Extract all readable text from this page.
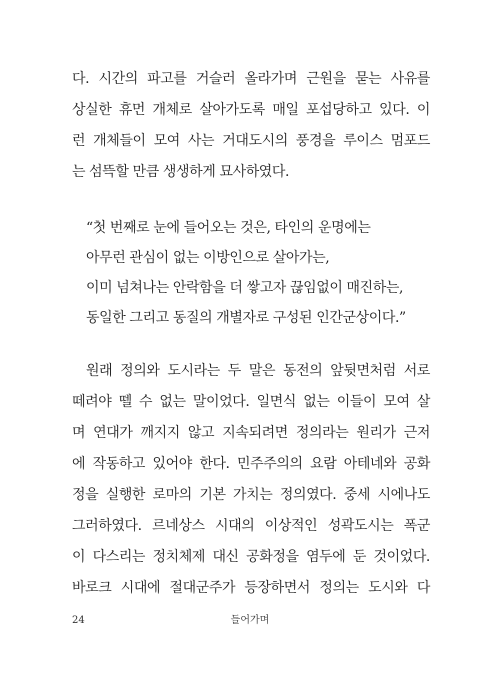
다. 시간의 파고를 거슬러 올라가며 근원을 묻는 사유를
상실한 휴먼 개체로 살아가도록 매일 포섭당하고 있다. 이
런 개체들이 모여 사는 거대도시의 풍경을 루이스 멈포드
는 섬뜩할 만큼 생생하게 묘사하였다.
“첫 번째로 눈에 들어오는 것은, 타인의 운명에는
아무런 관심이 없는 이방인으로 살아가는,
이미 넘쳐나는 안락함을 더 쌓고자 끊임없이 매진하는,
동일한 그리고 동질의 개별자로 구성된 인간군상이다.”
원래 정의와 도시라는 두 말은 동전의 앞뒷면처럼 서로
떼려야 뗄 수 없는 말이었다. 일면식 없는 이들이 모여 살
며 연대가 깨지지 않고 지속되려면 정의라는 원리가 근저
에 작동하고 있어야 한다. 민주주의의 요람 아테네와 공화
정을 실행한 로마의 기본 가치는 정의였다. 중세 시에나도
그러하였다. 르네상스 시대의 이상적인 성곽도시는 폭군
이 다스리는 정치체제 대신 공화정을 염두에 둔 것이었다.
바로크 시대에 절대군주가 등장하면서 정의는 도시와 다
들어가며
24
